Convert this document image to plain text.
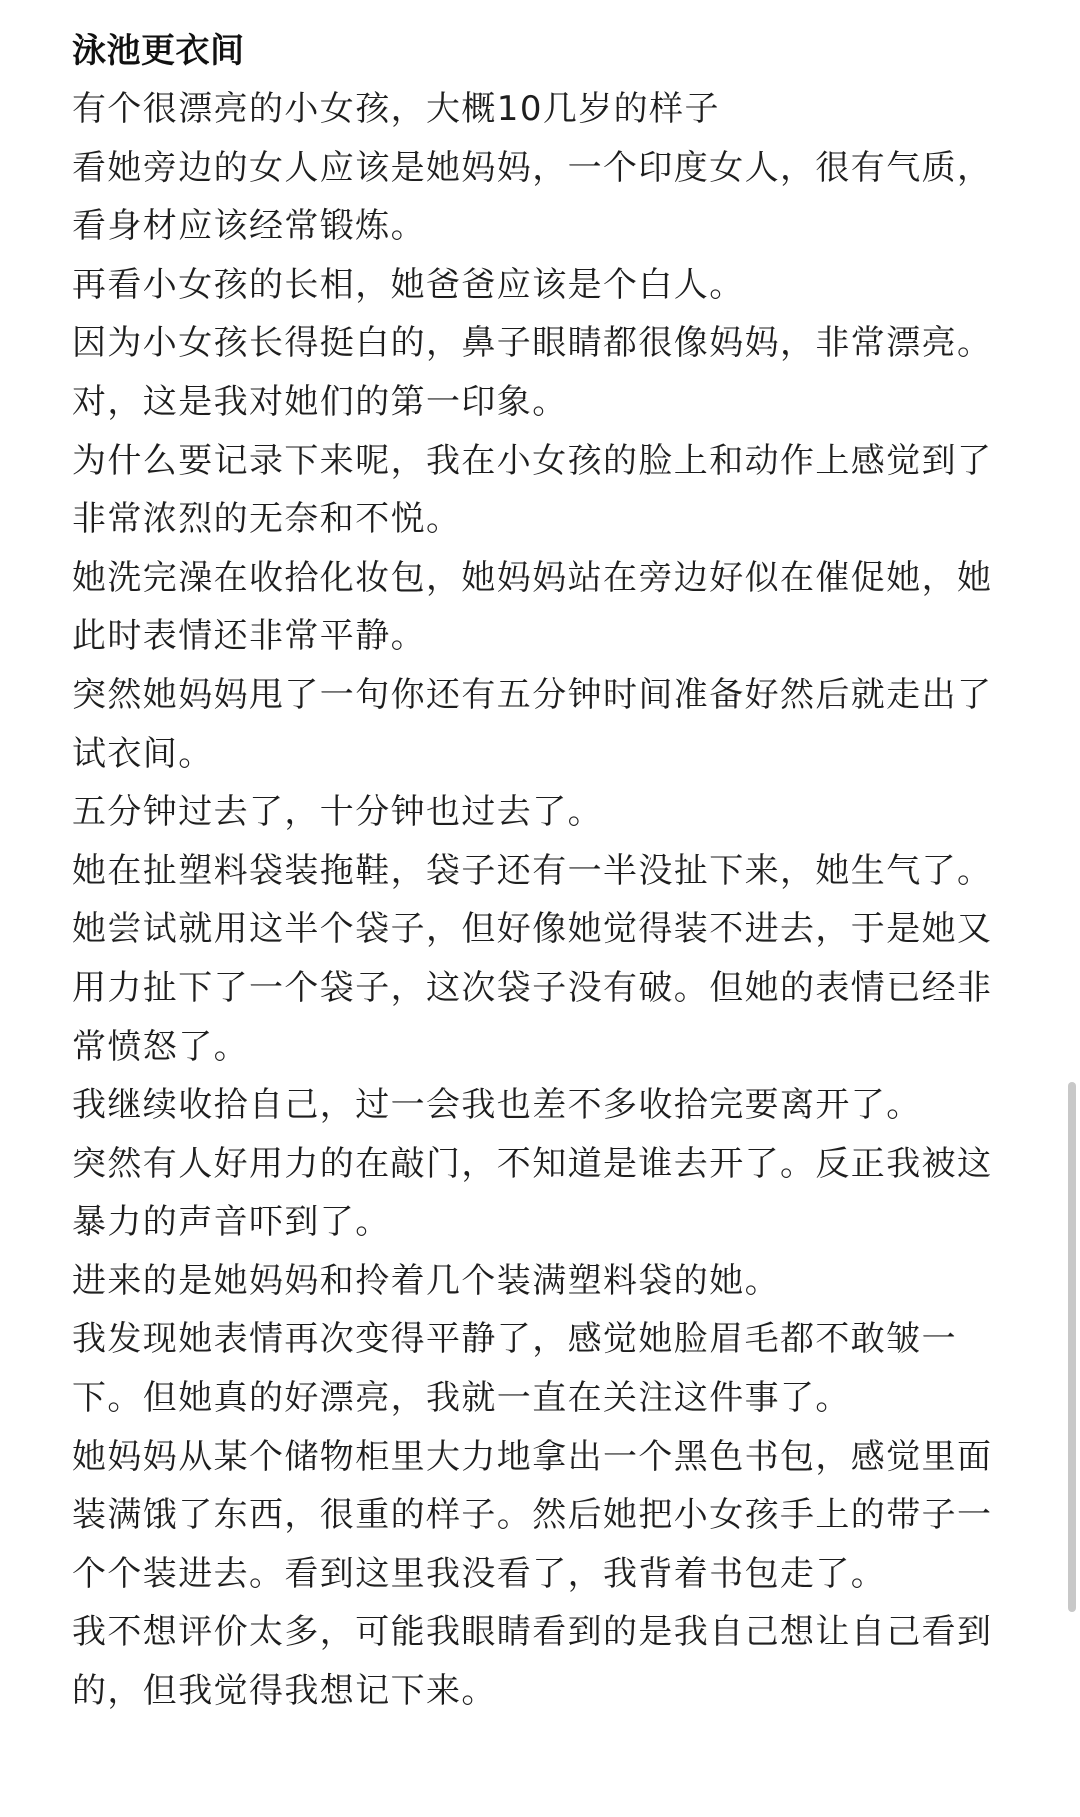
泳池更衣间

有个很漂亮的小女孩，大概10几岁的样子

看她旁边的女人应该是她妈妈，一个印度女人，很有气质，看身材应该经常锻炼。

再看小女孩的长相，她爸爸应该是个白人。

因为小女孩长得挺白的，鼻子眼睛都很像妈妈，非常漂亮。

对，这是我对她们的第一印象。

为什么要记录下来呢，我在小女孩的脸上和动作上感觉到了非常浓烈的无奈和不悦。

她洗完澡在收拾化妆包，她妈妈站在旁边好似在催促她，她此时表情还非常平静。

突然她妈妈甩了一句你还有五分钟时间准备好然后就走出了试衣间。

五分钟过去了，十分钟也过去了。

她在扯塑料袋装拖鞋，袋子还有一半没扯下来，她生气了。她尝试就用这半个袋子，但好像她觉得装不进去，于是她又用力扯下了一个袋子，这次袋子没有破。但她的表情已经非常愤怒了。

我继续收拾自己，过一会我也差不多收拾完要离开了。

突然有人好用力的在敲门，不知道是谁去开了。反正我被这暴力的声音吓到了。

进来的是她妈妈和拎着几个装满塑料袋的她。

我发现她表情再次变得平静了，感觉她脸眉毛都不敢皱一下。但她真的好漂亮，我就一直在关注这件事了。

她妈妈从某个储物柜里大力地拿出一个黑色书包，感觉里面装满饿了东西，很重的样子。然后她把小女孩手上的带子一个个装进去。看到这里我没看了，我背着书包走了。

我不想评价太多，可能我眼睛看到的是我自己想让自己看到的，但我觉得我想记下来。
